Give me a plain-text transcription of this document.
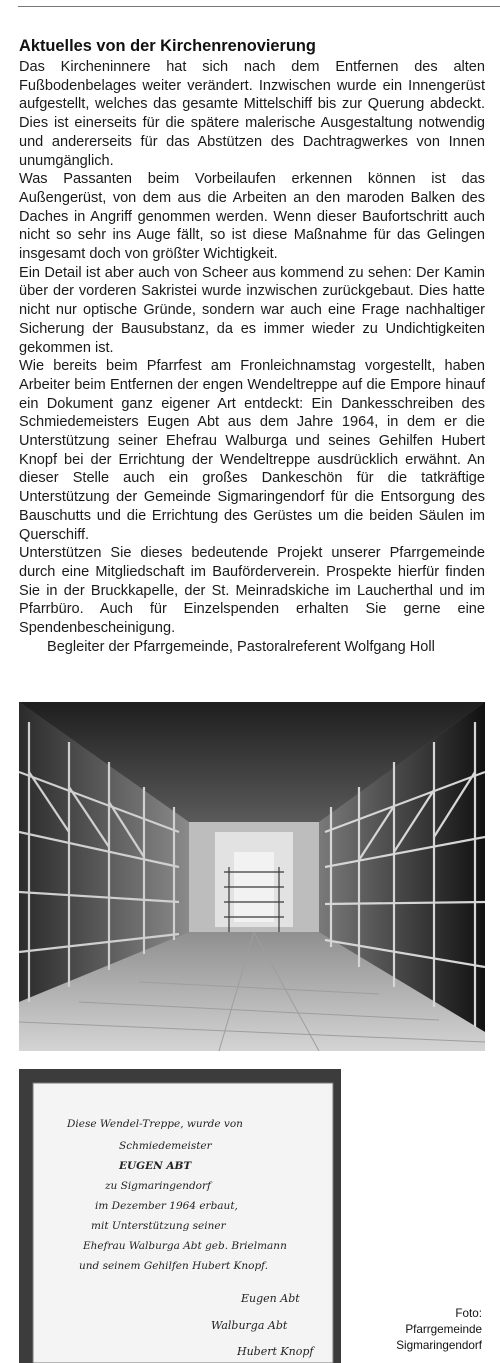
Aktuelles von der Kirchenrenovierung

Das Kircheninnere hat sich nach dem Entfernen des alten Fußbodenbelages weiter verändert. Inzwischen wurde ein Innengerüst aufgestellt, welches das gesamte Mittelschiff bis zur Querung abdeckt. Dies ist einerseits für die spätere malerische Ausgestaltung notwendig und andererseits für das Abstützen des Dachtragwerkes von Innen unumgänglich.

Was Passanten beim Vorbeilaufen erkennen können ist das Außengerüst, von dem aus die Arbeiten an den maroden Balken des Daches in Angriff genommen werden. Wenn dieser Baufortschritt auch nicht so sehr ins Auge fällt, so ist diese Maßnahme für das Gelingen insgesamt doch von größter Wichtigkeit.

Ein Detail ist aber auch von Scheer aus kommend zu sehen: Der Kamin über der vorderen Sakristei wurde inzwischen zurückgebaut. Dies hatte nicht nur optische Gründe, sondern war auch eine Frage nachhaltiger Sicherung der Bausubstanz, da es immer wieder zu Undichtigkeiten gekommen ist.

Wie bereits beim Pfarrfest am Fronleichnamstag vorgestellt, haben Arbeiter beim Entfernen der engen Wendeltreppe auf die Empore hinauf ein Dokument ganz eigener Art entdeckt: Ein Dankesschreiben des Schmiedemeisters Eugen Abt aus dem Jahre 1964, in dem er die Unterstützung seiner Ehefrau Walburga und seines Gehilfen Hubert Knopf bei der Errichtung der Wendeltreppe ausdrücklich erwähnt. An dieser Stelle auch ein großes Dankeschön für die tatkräftige Unterstützung der Gemeinde Sigmaringendorf für die Entsorgung des Bauschutts und die Errichtung des Gerüstes um die beiden Säulen im Querschiff.

Unterstützen Sie dieses bedeutende Projekt unserer Pfarrgemeinde durch eine Mitgliedschaft im Bauförderverein. Prospekte hierfür finden Sie in der Bruckkapelle, der St. Meinradskiche im Laucherthal und im Pfarrbüro. Auch für Einzelspenden erhalten Sie gerne eine Spendenbescheinigung.

Begleiter der Pfarrgemeinde, Pastoralreferent Wolfgang Holl

Diese Wendel-Treppe, wurde von
Schmiedemeister
EUGEN ABT
zu Sigmaringendorf
im Dezember 1964 erbaut,
mit Unterstützung seiner
Ehefrau Walburga Abt geb. Brielmann
und seinem Gehilfen Hubert Knopf.
Eugen Abt
Walburga Abt
Hubert Knopf
Foto:
Pfarrgemeinde
Sigmaringendorf
